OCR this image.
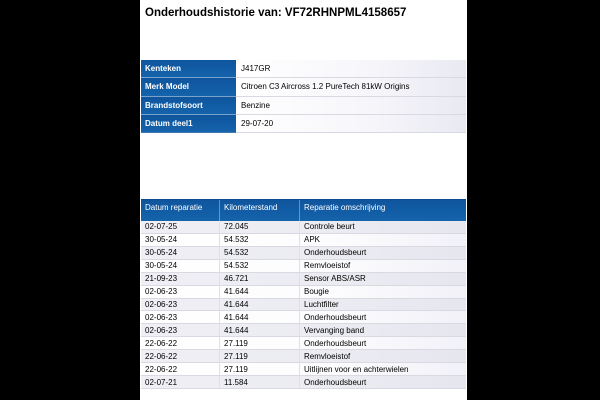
Onderhoudshistorie van: VF72RHNPML4158657
Kenteken	J417GR
Merk Model	Citroen C3 Aircross 1.2 PureTech 81kW Origins
Brandstofsoort	Benzine
Datum deel1	29-07-20
Datum reparatie	Kilometerstand	Reparatie omschrijving
02-07-25	72.045	Controle beurt
30-05-24	54.532	APK
30-05-24	54.532	Onderhoudsbeurt
30-05-24	54.532	Remvloeistof
21-09-23	46.721	Sensor ABS/ASR
02-06-23	41.644	Bougie
02-06-23	41.644	Luchtfilter
02-06-23	41.644	Onderhoudsbeurt
02-06-23	41.644	Vervanging band
22-06-22	27.119	Onderhoudsbeurt
22-06-22	27.119	Remvloeistof
22-06-22	27.119	Uitlijnen voor en achterwielen
02-07-21	11.584	Onderhoudsbeurt
